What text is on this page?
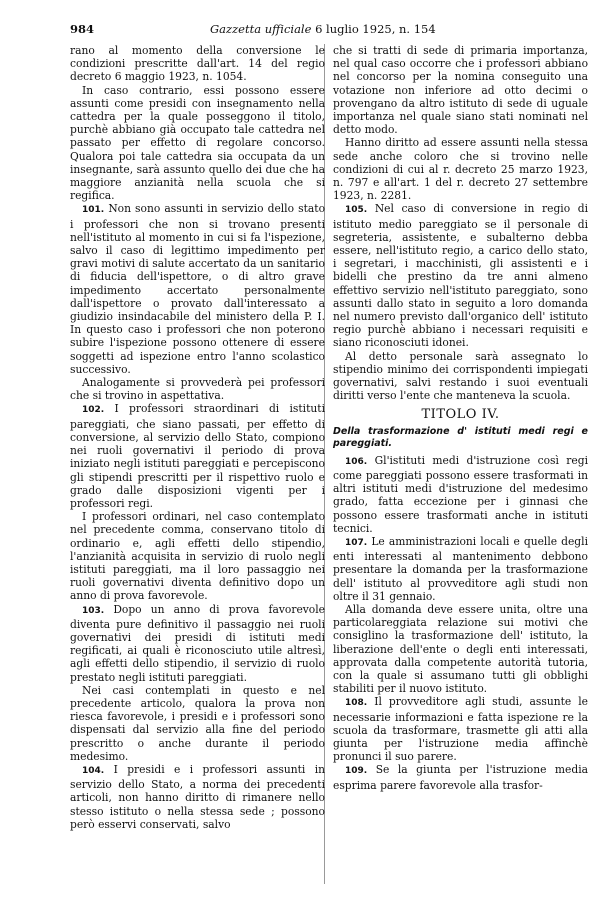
984	Gazzetta ufficiale 6 luglio 1925, n. 154

rano al momento della conversione le condizioni prescritte dall'art. 14 del regio decreto 6 maggio 1923, n. 1054.

In caso contrario, essi possono essere assunti come presidi con insegnamento nella cattedra per la quale posseggono il titolo, purchè abbiano già occupato tale cattedra nel passato per effetto di regolare concorso. Qualora poi tale cattedra sia occupata da un insegnante, sarà assunto quello dei due che ha maggiore anzianità nella scuola che si regifica.

101. Non sono assunti in servizio dello stato i professori che non si trovano presenti nell'istituto al momento in cui si fa l'ispezione, salvo il caso di legittimo impedimento per gravi motivi di salute accertato da un sanitario di fiducia dell'ispettore, o di altro grave impedimento accertato personalmente dall'ispettore o provato dall'interessato a giudizio insindacabile del ministero della P. I. In questo caso i professori che non poterono subire l'ispezione possono ottenere di essere soggetti ad ispezione entro l'anno scolastico successivo.

Analogamente si provvederà pei professori che si trovino in aspettativa.

102. I professori straordinari di istituti pareggiati, che siano passati, per effetto di conversione, al servizio dello Stato, compiono nei ruoli governativi il periodo di prova iniziato negli istituti pareggiati e percepiscono gli stipendi prescritti per il rispettivo ruolo e grado dalle disposizioni vigenti per i professori regi.

I professori ordinari, nel caso contemplato nel precedente comma, conservano titolo di ordinario e, agli effetti dello stipendio, l'anzianità acquisita in servizio di ruolo negli istituti pareggiati, ma il loro passaggio nei ruoli governativi diventa definitivo dopo un anno di prova favorevole.

103. Dopo un anno di prova favorevole diventa pure definitivo il passaggio nei ruoli governativi dei presidi di istituti medi regificati, ai quali è riconosciuto utile altresì, agli effetti dello stipendio, il servizio di ruolo prestato negli istituti pareggiati.

Nei casi contemplati in questo e nel precedente articolo, qualora la prova non riesca favorevole, i presidi e i professori sono dispensati dal servizio alla fine del periodo prescritto o anche durante il periodo medesimo.

104. I presidi e i professori assunti in servizio dello Stato, a norma dei precedenti articoli, non hanno diritto di rimanere nello stesso istituto o nella stessa sede ; possono però esservi conservati, salvo

che si tratti di sede di primaria importanza, nel qual caso occorre che i professori abbiano nel concorso per la nomina conseguito una votazione non inferiore ad otto decimi o provengano da altro istituto di sede di uguale importanza nel quale siano stati nominati nel detto modo.

Hanno diritto ad essere assunti nella stessa sede anche coloro che si trovino nelle condizioni di cui al r. decreto 25 marzo 1923, n. 797 e all'art. 1 del r. decreto 27 settembre 1923, n. 2281.

105. Nel caso di conversione in regio di istituto medio pareggiato se il personale di segreteria, assistente, e subalterno debba essere, nell'istituto regio, a carico dello stato, i segretari, i macchinisti, gli assistenti e i bidelli che prestino da tre anni almeno effettivo servizio nell'istituto pareggiato, sono assunti dallo stato in seguito a loro domanda nel numero previsto dall'organico dell' istituto regio purchè abbiano i necessari requisiti e siano riconosciuti idonei.

Al detto personale sarà assegnato lo stipendio minimo dei corrispondenti impiegati governativi, salvi restando i suoi eventuali diritti verso l'ente che manteneva la scuola.

TITOLO IV.

Della trasformazione d' istituti medi regi e pareggiati.

106. Gl'istituti medi d'istruzione così regi come pareggiati possono essere trasformati in altri istituti medi d'istruzione del medesimo grado, fatta eccezione per i ginnasi che possono essere trasformati anche in istituti tecnici.

107. Le amministrazioni locali e quelle degli enti interessati al mantenimento debbono presentare la domanda per la trasformazione dell' istituto al provveditore agli studi non oltre il 31 gennaio.

Alla domanda deve essere unita, oltre una particolareggiata relazione sui motivi che consiglino la trasformazione dell' istituto, la liberazione dell'ente o degli enti interessati, approvata dalla competente autorità tutoria, con la quale si assumano tutti gli obblighi stabiliti per il nuovo istituto.

108. Il provveditore agli studi, assunte le necessarie informazioni e fatta ispezione re la scuola da trasformare, trasmette gli atti alla giunta per l'istruzione media affinchè pronunci il suo parere.

109. Se la giunta per l'istruzione media esprima parere favorevole alla trasfor-
